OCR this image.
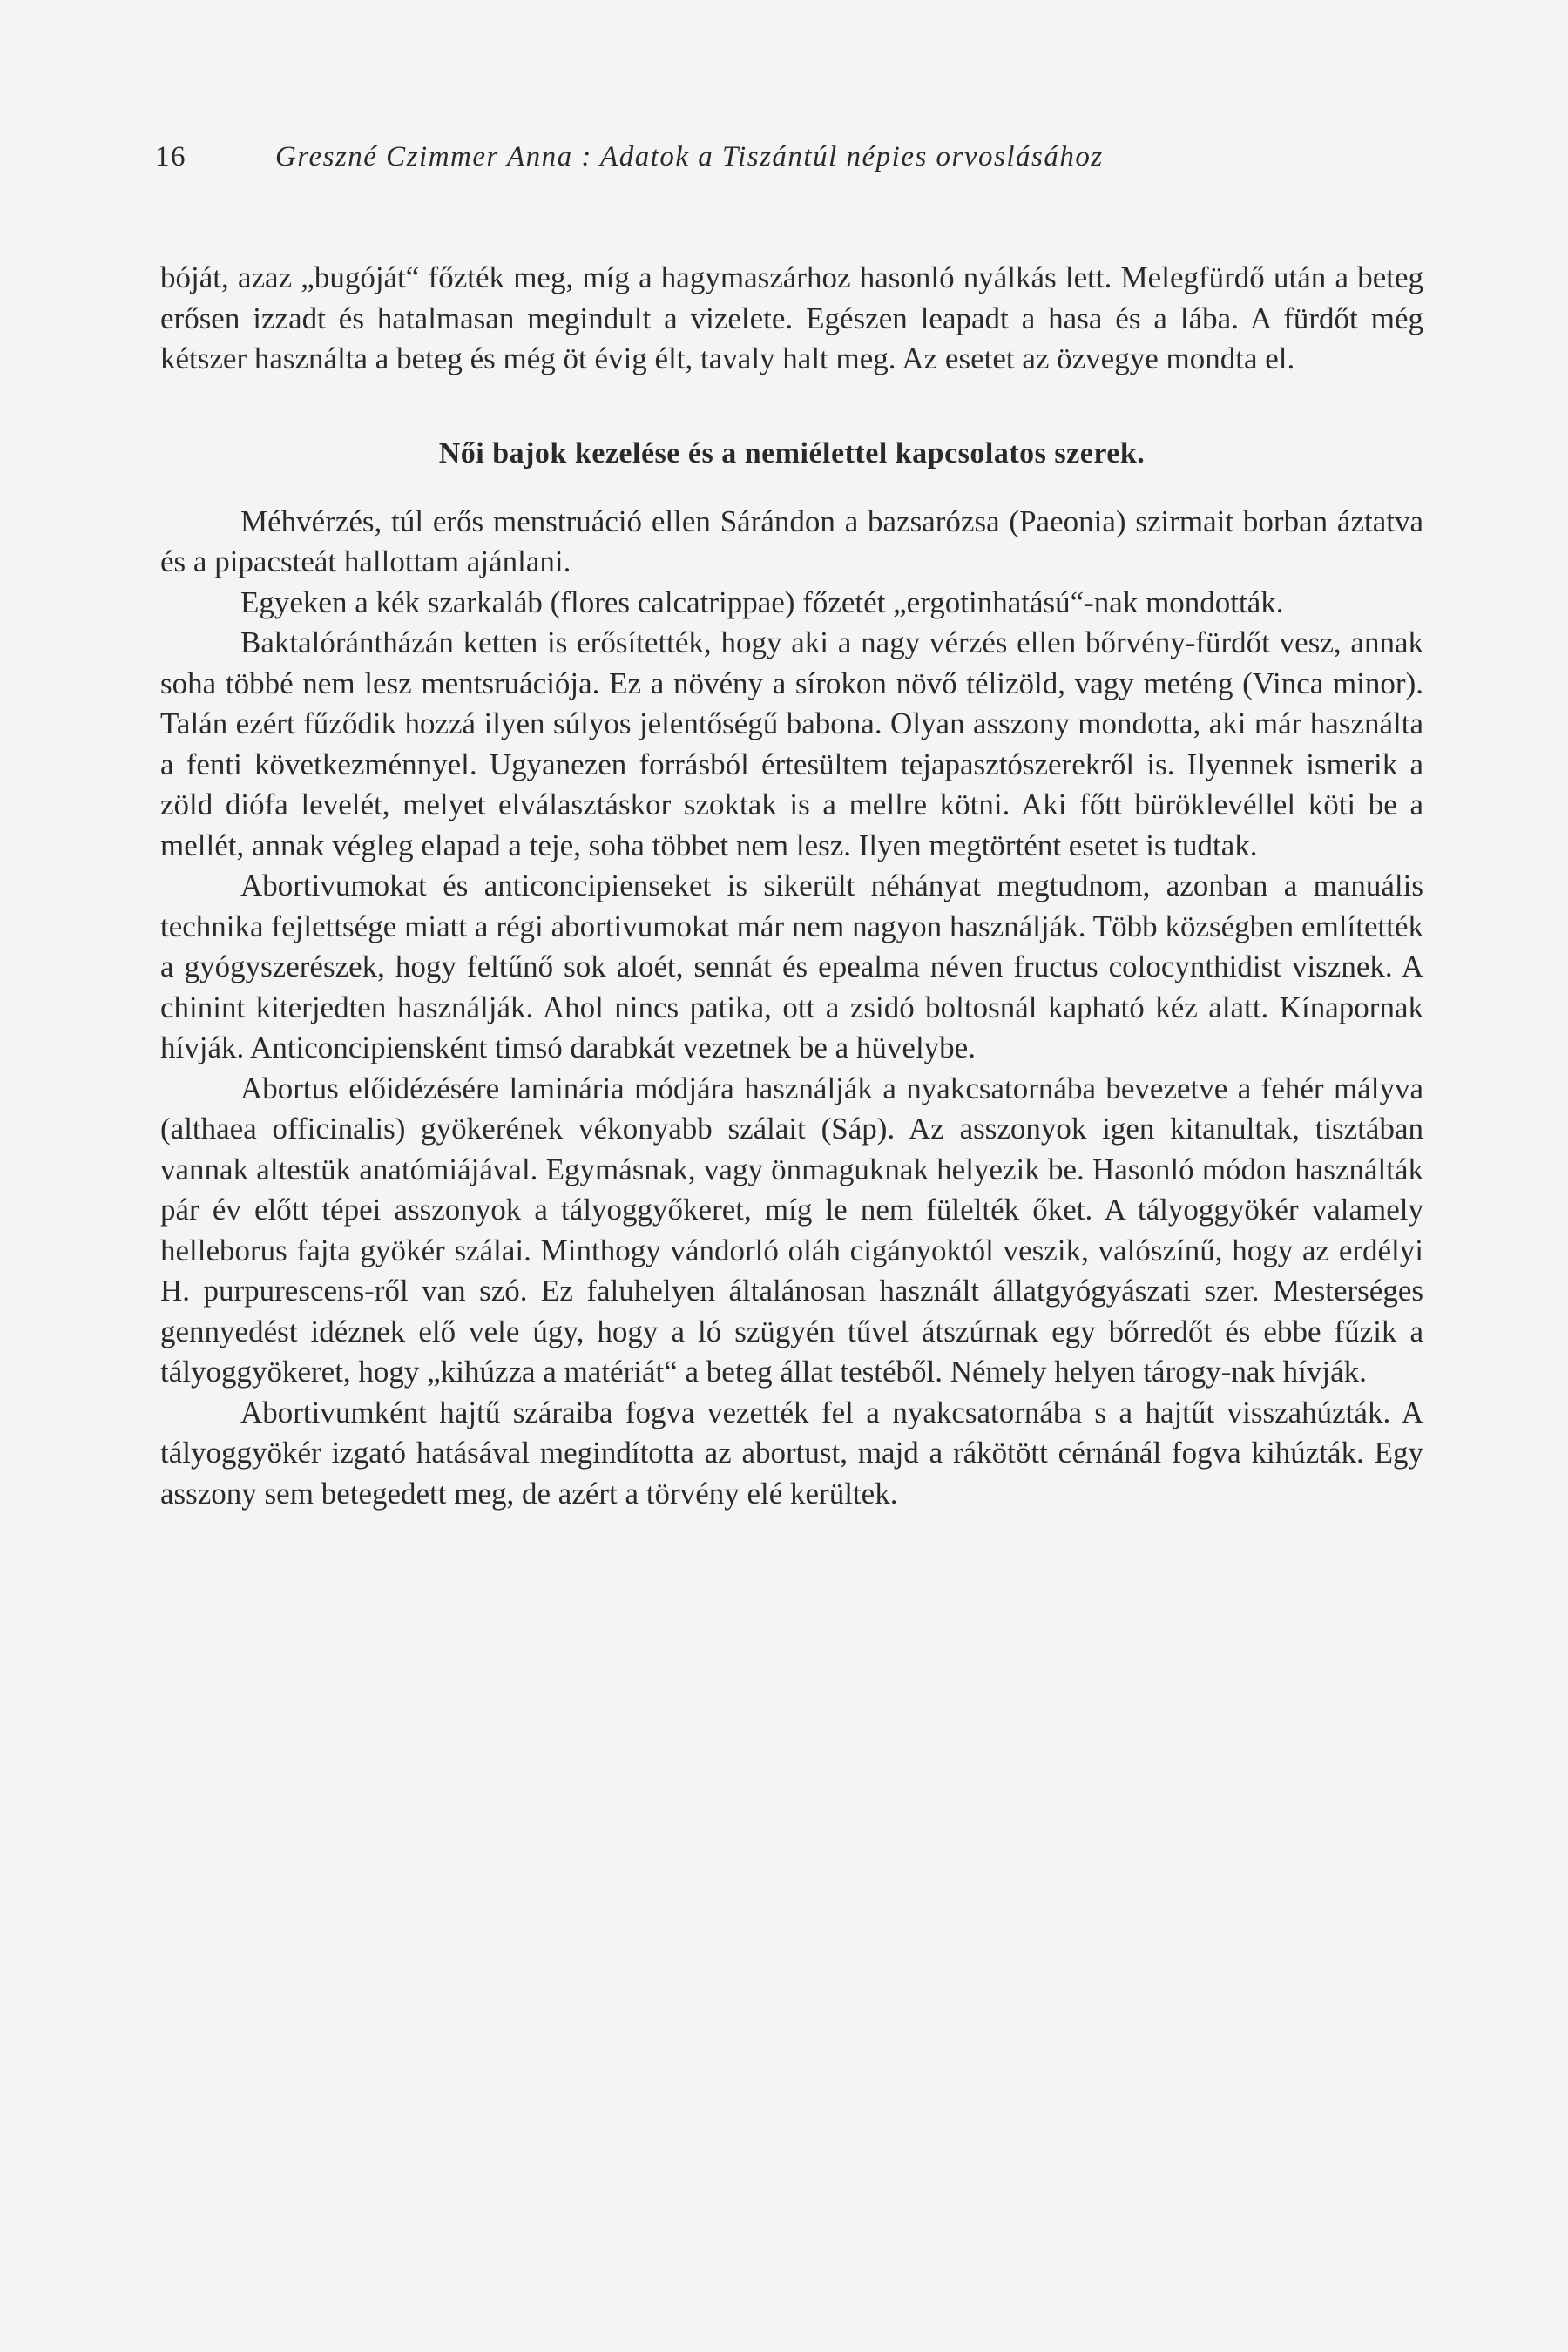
16	Greszné Czimmer Anna : Adatok a Tiszántúl népies orvoslásához

bóját, azaz „bugóját“ főzték meg, míg a hagymaszárhoz hasonló nyálkás lett. Melegfürdő után a beteg erősen izzadt és hatalmasan megindult a vizelete. Egészen leapadt a hasa és a lába. A fürdőt még kétszer használta a beteg és még öt évig élt, tavaly halt meg. Az esetet az özvegye mondta el.

Női bajok kezelése és a nemiélettel kapcsolatos szerek.

Méhvérzés, túl erős menstruáció ellen Sárándon a bazsarózsa (Paeonia) szirmait borban áztatva és a pipacsteát hallottam ajánlani.

Egyeken a kék szarkaláb (flores calcatrippae) főzetét „ergotinhatású“-nak mondották.

Baktalórántházán ketten is erősítették, hogy aki a nagy vérzés ellen bőrvény-fürdőt vesz, annak soha többé nem lesz mentsruációja. Ez a növény a sírokon növő télizöld, vagy meténg (Vinca minor). Talán ezért fűződik hozzá ilyen súlyos jelentőségű babona. Olyan asszony mondotta, aki már használta a fenti következménnyel. Ugyanezen forrásból értesültem tejapasztószerekről is. Ilyennek ismerik a zöld diófa levelét, melyet elválasztáskor szoktak is a mellre kötni. Aki főtt büröklevéllel köti be a mellét, annak végleg elapad a teje, soha többet nem lesz. Ilyen megtörtént esetet is tudtak.

Abortivumokat és anticoncipienseket is sikerült néhányat megtudnom, azonban a manuális technika fejlettsége miatt a régi abortivumokat már nem nagyon használják. Több községben említették a gyógyszerészek, hogy feltűnő sok aloét, sennát és epealma néven fructus colocynthidist visznek. A chinint kiterjedten használják. Ahol nincs patika, ott a zsidó boltosnál kapható kéz alatt. Kínapornak hívják. Anticoncipiensként timsó darabkát vezetnek be a hüvelybe.

Abortus előidézésére laminária módjára használják a nyakcsatornába bevezetve a fehér mályva (althaea officinalis) gyökerének vékonyabb szálait (Sáp). Az asszonyok igen kitanultak, tisztában vannak altestük anatómiájával. Egymásnak, vagy önmaguknak helyezik be. Hasonló módon használták pár év előtt tépei asszonyok a tályoggyőkeret, míg le nem fülelték őket. A tályoggyökér valamely helleborus fajta gyökér szálai. Minthogy vándorló oláh cigányoktól veszik, valószínű, hogy az erdélyi H. purpurescens-ről van szó. Ez faluhelyen általánosan használt állatgyógyászati szer. Mesterséges gennyedést idéznek elő vele úgy, hogy a ló szügyén tűvel átszúrnak egy bőrredőt és ebbe fűzik a tályoggyökeret, hogy „kihúzza a matériát“ a beteg állat testéből. Némely helyen tárogy-nak hívják.

Abortivumként hajtű száraiba fogva vezették fel a nyakcsatornába s a hajtűt visszahúzták. A tályoggyökér izgató hatásával megindította az abortust, majd a rákötött cérnánál fogva kihúzták. Egy asszony sem betegedett meg, de azért a törvény elé kerültek.
